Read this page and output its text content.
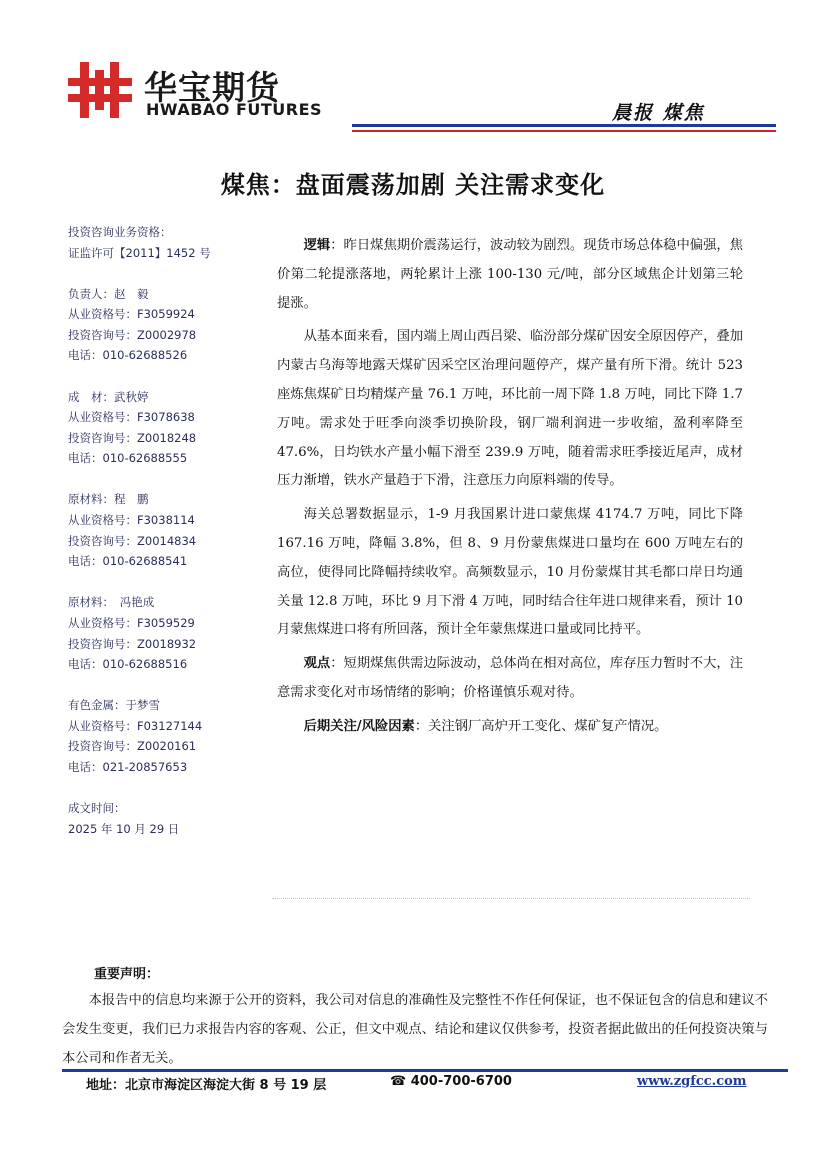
华宝期货
HWABAO FUTURES	晨报 煤焦
煤焦：盘面震荡加剧 关注需求变化
投资咨询业务资格：
证监许可【2011】1452 号
负责人：赵　毅
从业资格号：F3059924
投资咨询号：Z0002978
电话：010-62688526
成　材：武秋婷
从业资格号：F3078638
投资咨询号：Z0018248
电话：010-62688555
原材料：程　鹏
从业资格号：F3038114
投资咨询号：Z0014834
电话：010-62688541
原材料：　冯艳成
从业资格号：F3059529
投资咨询号：Z0018932
电话：010-62688516
有色金属：于梦雪
从业资格号：F03127144
投资咨询号：Z0020161
电话：021-20857653
成文时间：
2025 年 10 月 29 日

逻辑：昨日煤焦期价震荡运行，波动较为剧烈。现货市场总体稳中偏强，焦价第二轮提涨落地，两轮累计上涨 100-130 元/吨，部分区域焦企计划第三轮提涨。

从基本面来看，国内端上周山西吕梁、临汾部分煤矿因安全原因停产，叠加内蒙古乌海等地露天煤矿因采空区治理问题停产，煤产量有所下滑。统计 523 座炼焦煤矿日均精煤产量 76.1 万吨，环比前一周下降 1.8 万吨，同比下降 1.7 万吨。需求处于旺季向淡季切换阶段，钢厂端利润进一步收缩，盈利率降至 47.6%，日均铁水产量小幅下滑至 239.9 万吨，随着需求旺季接近尾声，成材压力渐增，铁水产量趋于下滑，注意压力向原料端的传导。

海关总署数据显示，1-9 月我国累计进口蒙焦煤 4174.7 万吨，同比下降 167.16 万吨，降幅 3.8%，但 8、9 月份蒙焦煤进口量均在 600 万吨左右的高位，使得同比降幅持续收窄。高频数显示，10 月份蒙煤甘其毛都口岸日均通关量 12.8 万吨，环比 9 月下滑 4 万吨，同时结合往年进口规律来看，预计 10 月蒙焦煤进口将有所回落，预计全年蒙焦煤进口量或同比持平。

观点：短期煤焦供需边际波动，总体尚在相对高位，库存压力暂时不大，注意需求变化对市场情绪的影响；价格谨慎乐观对待。

后期关注/风险因素：关注钢厂高炉开工变化、煤矿复产情况。

重要声明：
本报告中的信息均来源于公开的资料，我公司对信息的准确性及完整性不作任何保证，也不保证包含的信息和建议不会发生变更，我们已力求报告内容的客观、公正，但文中观点、结论和建议仅供参考，投资者据此做出的任何投资决策与本公司和作者无关。
地址：北京市海淀区海淀大街 8 号 19 层	☎ 400-700-6700	www.zgfcc.com
